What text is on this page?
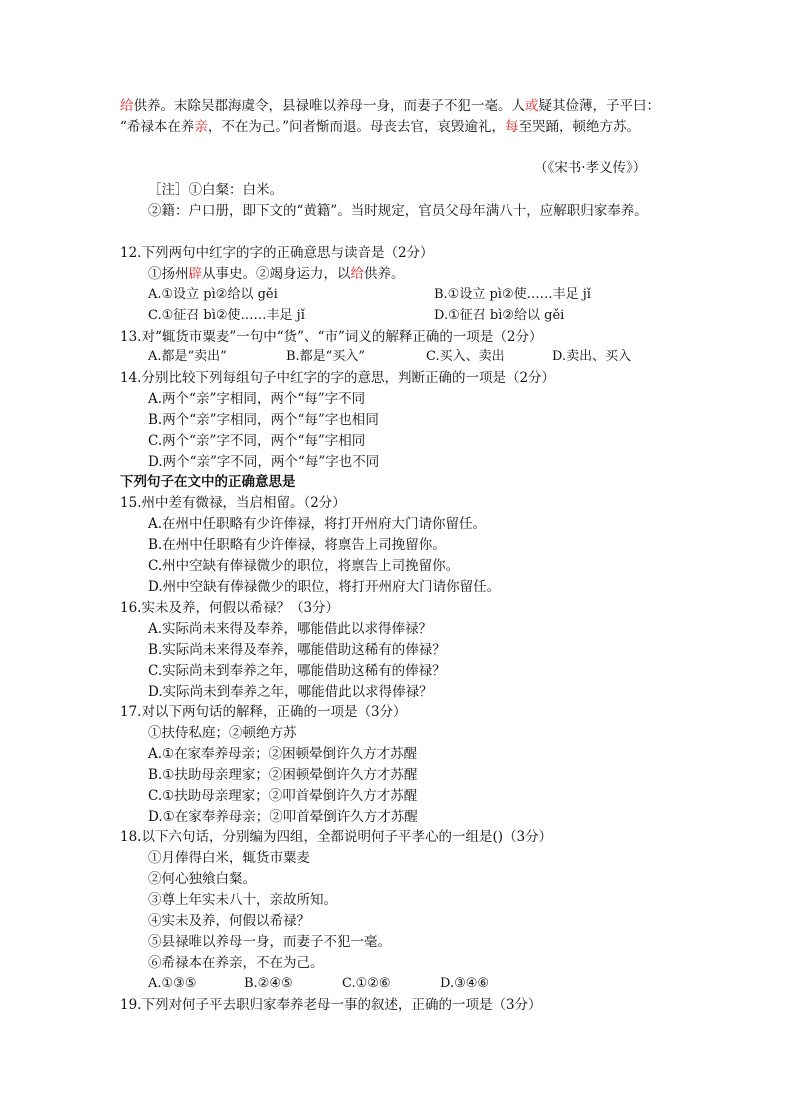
给供养。末除吴郡海虞令，县禄唯以养母一身，而妻子不犯一毫。人或疑其俭薄，子平曰：
“希禄本在养亲，不在为己。”问者惭而退。母丧去官，哀毁逾礼，每至哭踊，顿绝方苏。
（《宋书·孝义传》）
［注］①白粲：白米。
②籍：户口册，即下文的“黄籍”。当时规定，官员父母年满八十，应解职归家奉养。
12.下列两句中红字的字的正确意思与读音是（2分）
①扬州辟从事史。②竭身运力，以给供养。
A.①设立 pì②给以 gěi	B.①设立 pì②使……丰足 jǐ
C.①征召 bì②使……丰足 jǐ	D.①征召 bì②给以 gěi
13.对“辄货市粟麦”一句中“货”、“市”词义的解释正确的一项是（2分）
A.都是“卖出”	B.都是“买入”	C.买入、卖出	D.卖出、买入
14.分别比较下列每组句子中红字的字的意思，判断正确的一项是（2分）
A.两个“亲”字相同，两个“每”字不同
B.两个“亲”字相同，两个“每”字也相同
C.两个“亲”字不同，两个“每”字相同
D.两个“亲”字不同，两个“每”字也不同
下列句子在文中的正确意思是
15.州中差有微禄，当启相留。（2分）
A.在州中任职略有少许俸禄，将打开州府大门请你留任。
B.在州中任职略有少许俸禄，将禀告上司挽留你。
C.州中空缺有俸禄微少的职位，将禀告上司挽留你。
D.州中空缺有俸禄微少的职位，将打开州府大门请你留任。
16.实未及养，何假以希禄？（3分）
A.实际尚未来得及奉养，哪能借此以求得俸禄？
B.实际尚未来得及奉养，哪能借助这稀有的俸禄？
C.实际尚未到奉养之年，哪能借助这稀有的俸禄？
D.实际尚未到奉养之年，哪能借此以求得俸禄？
17.对以下两句话的解释，正确的一项是（3分）
①扶侍私庭；②顿绝方苏
A.①在家奉养母亲；②困顿晕倒许久方才苏醒
B.①扶助母亲理家；②困顿晕倒许久方才苏醒
C.①扶助母亲理家；②叩首晕倒许久方才苏醒
D.①在家奉养母亲；②叩首晕倒许久方才苏醒
18.以下六句话，分别编为四组，全都说明何子平孝心的一组是()（3分）
①月俸得白米，辄货市粟麦
②何心独飨白粲。
③尊上年实未八十，亲故所知。
④实未及养，何假以希禄？
⑤县禄唯以养母一身，而妻子不犯一毫。
⑥希禄本在养亲，不在为己。
A.①③⑤	B.②④⑤	C.①②⑥	D.③④⑥
19.下列对何子平去职归家奉养老母一事的叙述，正确的一项是（3分）
